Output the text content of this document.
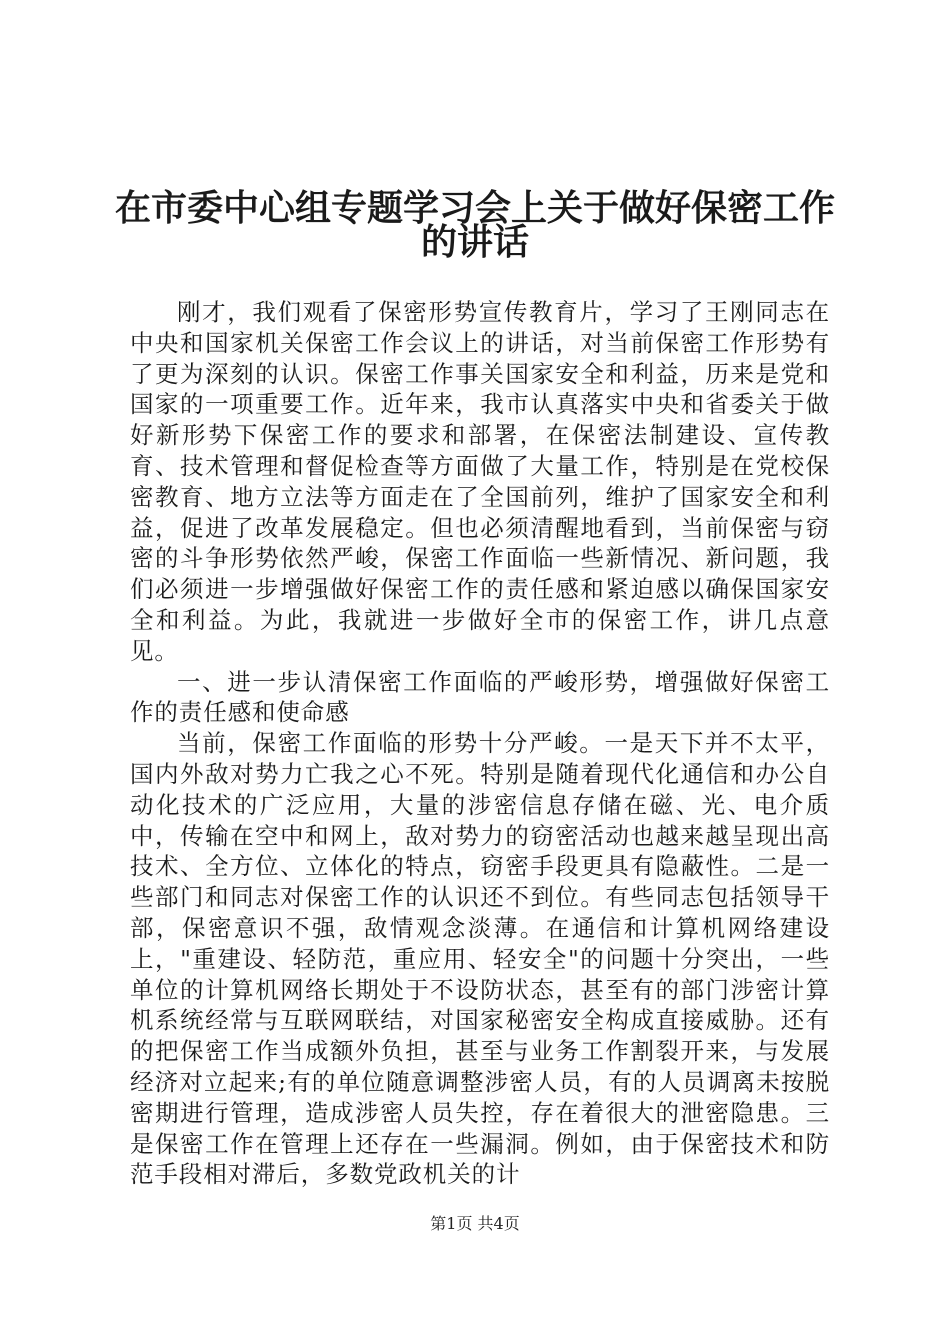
在市委中心组专题学习会上关于做好保密工作
的讲话

刚才，我们观看了保密形势宣传教育片，学习了王刚同志在中央和国家机关保密工作会议上的讲话，对当前保密工作形势有了更为深刻的认识。保密工作事关国家安全和利益，历来是党和国家的一项重要工作。近年来，我市认真落实中央和省委关于做好新形势下保密工作的要求和部署，在保密法制建设、宣传教育、技术管理和督促检查等方面做了大量工作，特别是在党校保密教育、地方立法等方面走在了全国前列，维护了国家安全和利益，促进了改革发展稳定。但也必须清醒地看到，当前保密与窃密的斗争形势依然严峻，保密工作面临一些新情况、新问题，我们必须进一步增强做好保密工作的责任感和紧迫感以确保国家安全和利益。为此，我就进一步做好全市的保密工作，讲几点意见。

一、进一步认清保密工作面临的严峻形势，增强做好保密工作的责任感和使命感

当前，保密工作面临的形势十分严峻。一是天下并不太平，国内外敌对势力亡我之心不死。特别是随着现代化通信和办公自动化技术的广泛应用，大量的涉密信息存储在磁、光、电介质中，传输在空中和网上，敌对势力的窃密活动也越来越呈现出高技术、全方位、立体化的特点，窃密手段更具有隐蔽性。二是一些部门和同志对保密工作的认识还不到位。有些同志包括领导干部，保密意识不强，敌情观念淡薄。在通信和计算机网络建设上，"重建设、轻防范，重应用、轻安全"的问题十分突出，一些单位的计算机网络长期处于不设防状态，甚至有的部门涉密计算机系统经常与互联网联结，对国家秘密安全构成直接威胁。还有的把保密工作当成额外负担，甚至与业务工作割裂开来，与发展经济对立起来;有的单位随意调整涉密人员，有的人员调离未按脱密期进行管理，造成涉密人员失控，存在着很大的泄密隐患。三是保密工作在管理上还存在一些漏洞。例如，由于保密技术和防范手段相对滞后，多数党政机关的计

第1页 共4页
